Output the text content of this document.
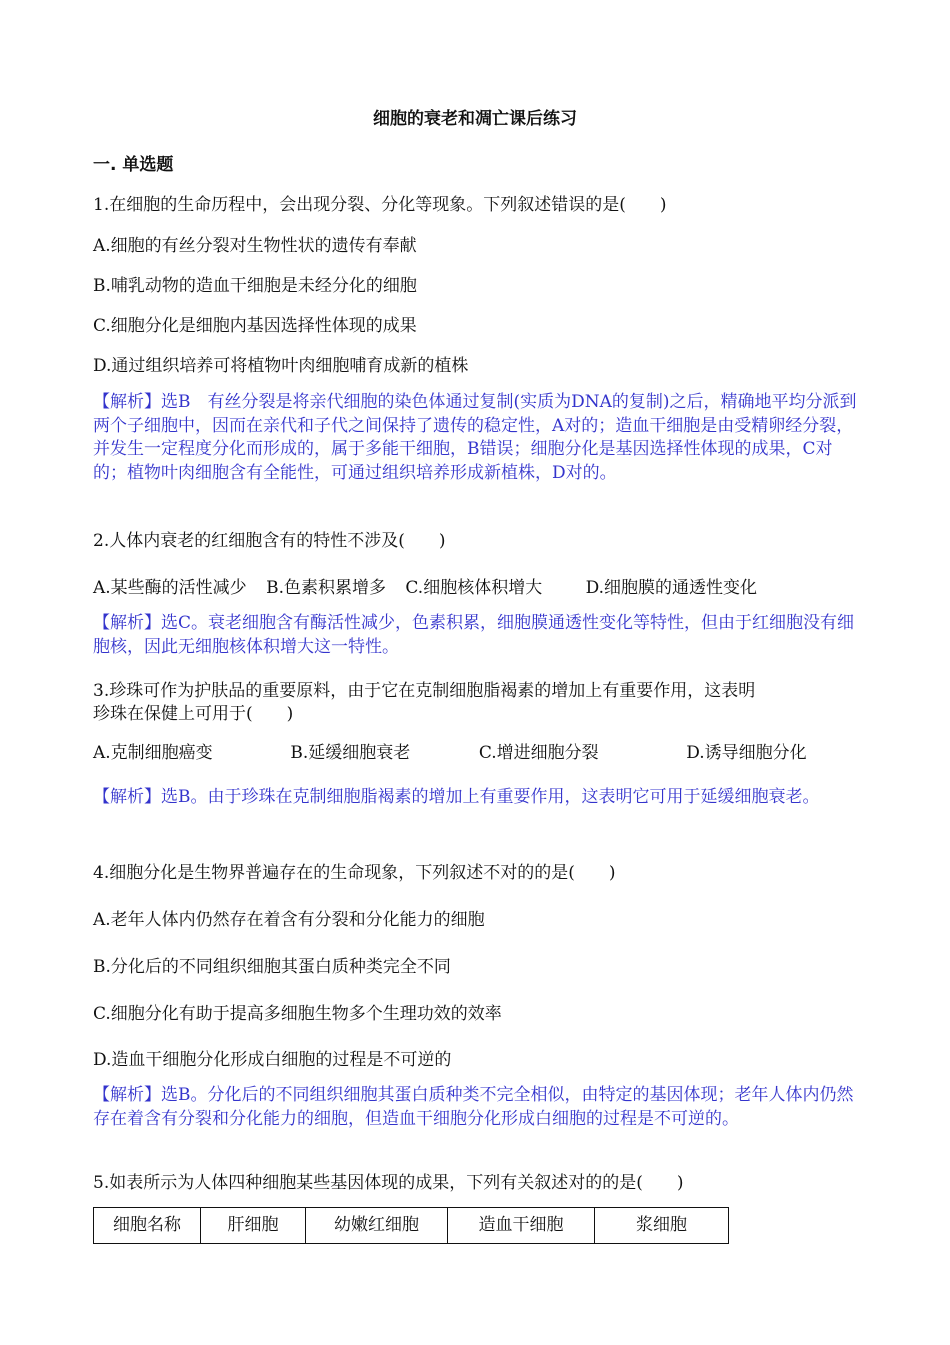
细胞的衰老和凋亡课后练习
一. 单选题
1.在细胞的生命历程中，会出现分裂、分化等现象。下列叙述错误的是(　　)
A.细胞的有丝分裂对生物性状的遗传有奉献
B.哺乳动物的造血干细胞是未经分化的细胞
C.细胞分化是细胞内基因选择性体现的成果
D.通过组织培养可将植物叶肉细胞哺育成新的植株
【解析】选B　有丝分裂是将亲代细胞的染色体通过复制(实质为DNA的复制)之后，精确地平均分派到两个子细胞中，因而在亲代和子代之间保持了遗传的稳定性，A对的；造血干细胞是由受精卵经分裂，并发生一定程度分化而形成的，属于多能干细胞，B错误；细胞分化是基因选择性体现的成果，C对的；植物叶肉细胞含有全能性，可通过组织培养形成新植株，D对的。
2.人体内衰老的红细胞含有的特性不涉及(　　)
A.某些酶的活性减少 B.色素积累增多 C.细胞核体积增大	D.细胞膜的通透性变化
【解析】选C。衰老细胞含有酶活性减少，色素积累，细胞膜通透性变化等特性，但由于红细胞没有细胞核，因此无细胞核体积增大这一特性。
3.珍珠可作为护肤品的重要原料，由于它在克制细胞脂褐素的增加上有重要作用，这表明
珍珠在保健上可用于(　　)
A.克制细胞癌变	B.延缓细胞衰老	C.增进细胞分裂	D.诱导细胞分化
【解析】选B。由于珍珠在克制细胞脂褐素的增加上有重要作用，这表明它可用于延缓细胞衰老。
4.细胞分化是生物界普遍存在的生命现象，下列叙述不对的的是(　　)
A.老年人体内仍然存在着含有分裂和分化能力的细胞
B.分化后的不同组织细胞其蛋白质种类完全不同
C.细胞分化有助于提高多细胞生物多个生理功效的效率
D.造血干细胞分化形成白细胞的过程是不可逆的
【解析】选B。分化后的不同组织细胞其蛋白质种类不完全相似，由特定的基因体现；老年人体内仍然存在着含有分裂和分化能力的细胞，但造血干细胞分化形成白细胞的过程是不可逆的。
5.如表所示为人体四种细胞某些基因体现的成果，下列有关叙述对的的是(　　)
细胞名称	肝细胞	幼嫩红细胞	造血干细胞	浆细胞
